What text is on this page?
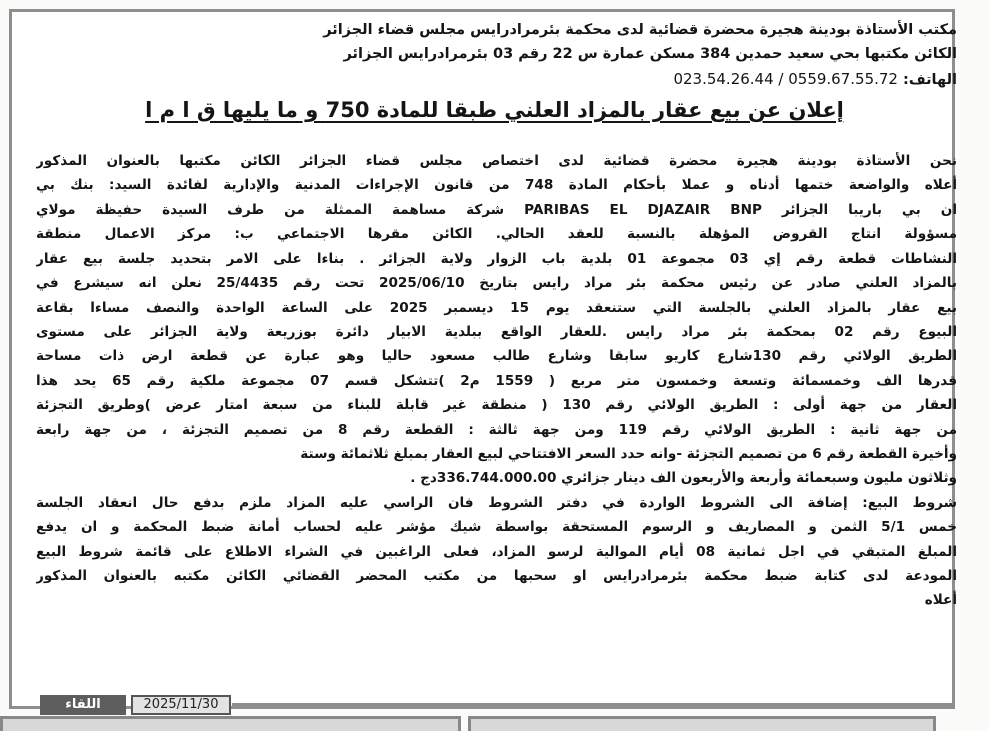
مكتب الأستاذة بودينة هجيرة محضرة قضائية لدى محكمة بئرمرادرايس مجلس قضاء الجزائر
الكائن مكتبها بحي سعيد حمدين 384 مسكن عمارة س 22 رقم 03 بئرمرادرايس الجزائر
الهاتف: 0559.67.55.72 / 023.54.26.44
إعلان عن بيع عقار بالمزاد العلني طبقا للمادة 750 و ما يليها ق ا م ا
نحن الأستاذة بودينة هجيرة محضرة قضائية لدى اختصاص مجلس قضاء الجزائر الكائن مكتبها بالعنوان المذكور
أعلاه والواضعة ختمها أدناه و عملا بأحكام المادة 748 من قانون الإجراءات المدنية والإدارية لفائدة السيد: بنك بي
ان بي باريبا الجزائر PARIBAS EL DJAZAIR BNP شركة مساهمة الممثلة من طرف السيدة حفيظة مولاي
مسؤولة انتاج القروض المؤهلة بالنسبة للعقد الحالي. الكائن مقرها الاجتماعي ب: مركز الاعمال منطقة
النشاطات قطعة رقم إي 03 مجموعة 01 بلدية باب الزوار ولاية الجزائر . بناءا على الامر بتحديد جلسة بيع عقار
بالمزاد العلني صادر عن رئيس محكمة بئر مراد رايس بتاريخ 2025/06/10 تحت رقم 25/4435 نعلن انه سيشرع في
بيع عقار بالمزاد العلني بالجلسة التي ستنعقد يوم 15 ديسمبر 2025 على الساعة الواحدة والنصف مساءا بقاعة
البيوع رقم 02 بمحكمة بئر مراد رايس .للعقار الواقع ببلدية الابيار دائرة بوزريعة ولاية الجزائر على مستوى
الطريق الولائي رقم 130شارع كاريو سابقا وشارع طالب مسعود حاليا وهو عبارة عن قطعة ارض ذات مساحة
قدرها الف وخمسمائة وتسعة وخمسون متر مربع ( 1559 م2 )تتشكل قسم 07 مجموعة ملكية رقم 65 يحد هذا
العقار من جهة أولى : الطريق الولائي رقم 130 ( منطقة غير قابلة للبناء من سبعة امتار عرض )وطريق التجزئة
من جهة ثانية : الطريق الولائي رقم 119 ومن جهة ثالثة : القطعة رقم 8 من تصميم التجزئة ، من جهة رابعة
وأخيرة القطعة رقم 6 من تصميم التجزئة -وانه حدد السعر الافتتاحي لبيع العقار بمبلغ ثلاثمائة وستة
وثلاثون مليون وسبعمائة وأربعة والأربعون الف دينار جزائري 336.744.000.00دج .
شروط البيع: إضافة الى الشروط الواردة في دفتر الشروط فان الراسي عليه المزاد ملزم بدفع حال انعقاد الجلسة
خمس 5/1 الثمن و المصاريف و الرسوم المستحقة بواسطة شيك مؤشر عليه لحساب أمانة ضبط المحكمة و ان يدفع
المبلغ المتبقي في اجل ثمانية 08 أيام الموالية لرسو المزاد، فعلى الراغبين في الشراء الاطلاع على قائمة شروط البيع
المودعة لدى كتابة ضبط محكمة بئرمرادرايس او سحبها من مكتب المحضر القضائي الكائن مكتبه بالعنوان المذكور
أعلاه
اللقاء	2025/11/30
